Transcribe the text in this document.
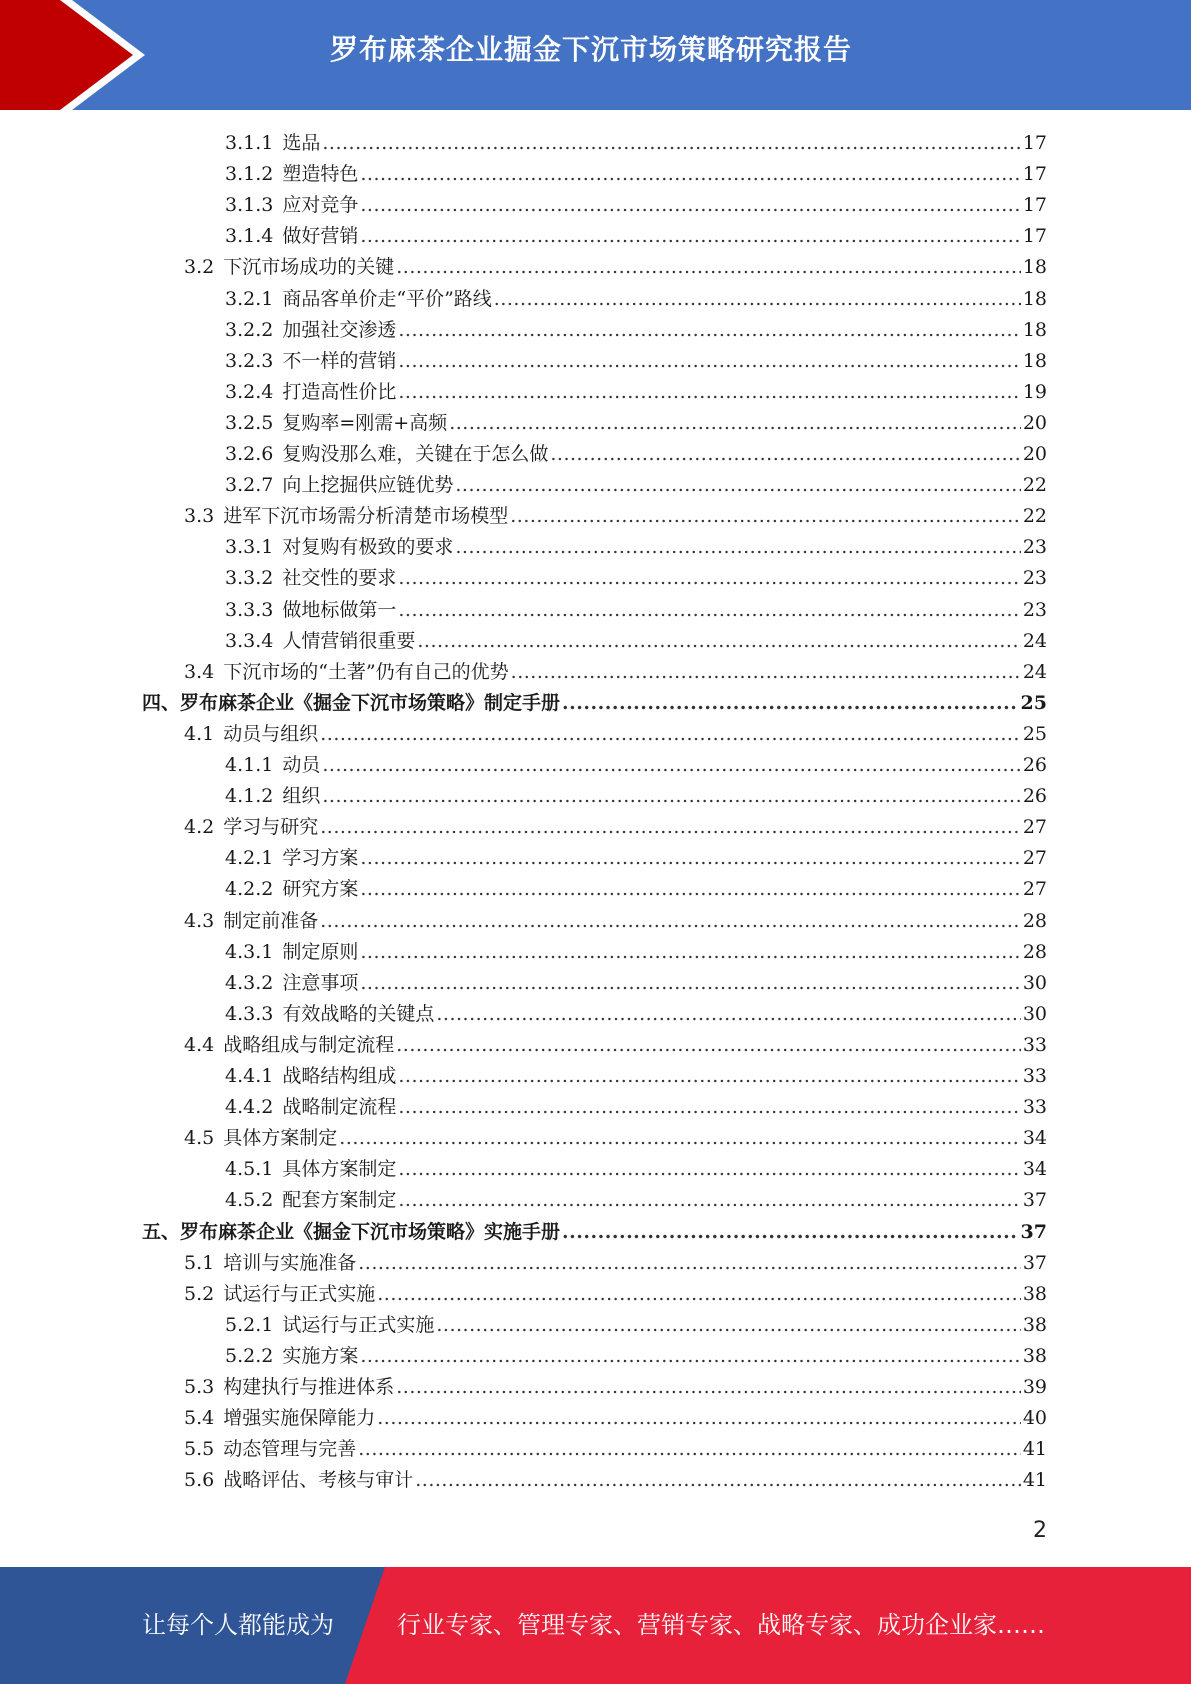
罗布麻茶企业掘金下沉市场策略研究报告
3.1.1 选品 .....	17
3.1.2 塑造特色 .....	17
3.1.3 应对竞争 .....	17
3.1.4 做好营销 .....	17
3.2 下沉市场成功的关键 .....	18
3.2.1 商品客单价走“平价”路线 .....	18
3.2.2 加强社交渗透 .....	18
3.2.3 不一样的营销 .....	18
3.2.4 打造高性价比 .....	19
3.2.5 复购率=刚需+高频 .....	20
3.2.6 复购没那么难，关键在于怎么做 .....	20
3.2.7 向上挖掘供应链优势 .....	22
3.3 进军下沉市场需分析清楚市场模型 .....	22
3.3.1 对复购有极致的要求 .....	23
3.3.2 社交性的要求 .....	23
3.3.3 做地标做第一 .....	23
3.3.4 人情营销很重要 .....	24
3.4 下沉市场的“土著”仍有自己的优势 .....	24
四、 罗布麻茶企业《掘金下沉市场策略》制定手册 .....	25
4.1 动员与组织 .....	25
4.1.1 动员 .....	26
4.1.2 组织 .....	26
4.2 学习与研究 .....	27
4.2.1 学习方案 .....	27
4.2.2 研究方案 .....	27
4.3 制定前准备 .....	28
4.3.1 制定原则 .....	28
4.3.2 注意事项 .....	30
4.3.3 有效战略的关键点 .....	30
4.4 战略组成与制定流程 .....	33
4.4.1 战略结构组成 .....	33
4.4.2 战略制定流程 .....	33
4.5 具体方案制定 .....	34
4.5.1 具体方案制定 .....	34
4.5.2 配套方案制定 .....	37
五、 罗布麻茶企业《掘金下沉市场策略》实施手册 .....	37
5.1 培训与实施准备 .....	37
5.2 试运行与正式实施 .....	38
5.2.1 试运行与正式实施 .....	38
5.2.2 实施方案 .....	38
5.3 构建执行与推进体系 .....	39
5.4 增强实施保障能力 .....	40
5.5 动态管理与完善 .....	41
5.6 战略评估、考核与审计 .....	41
2
让每个人都能成为	行业专家、管理专家、营销专家、战略专家、成功企业家……
